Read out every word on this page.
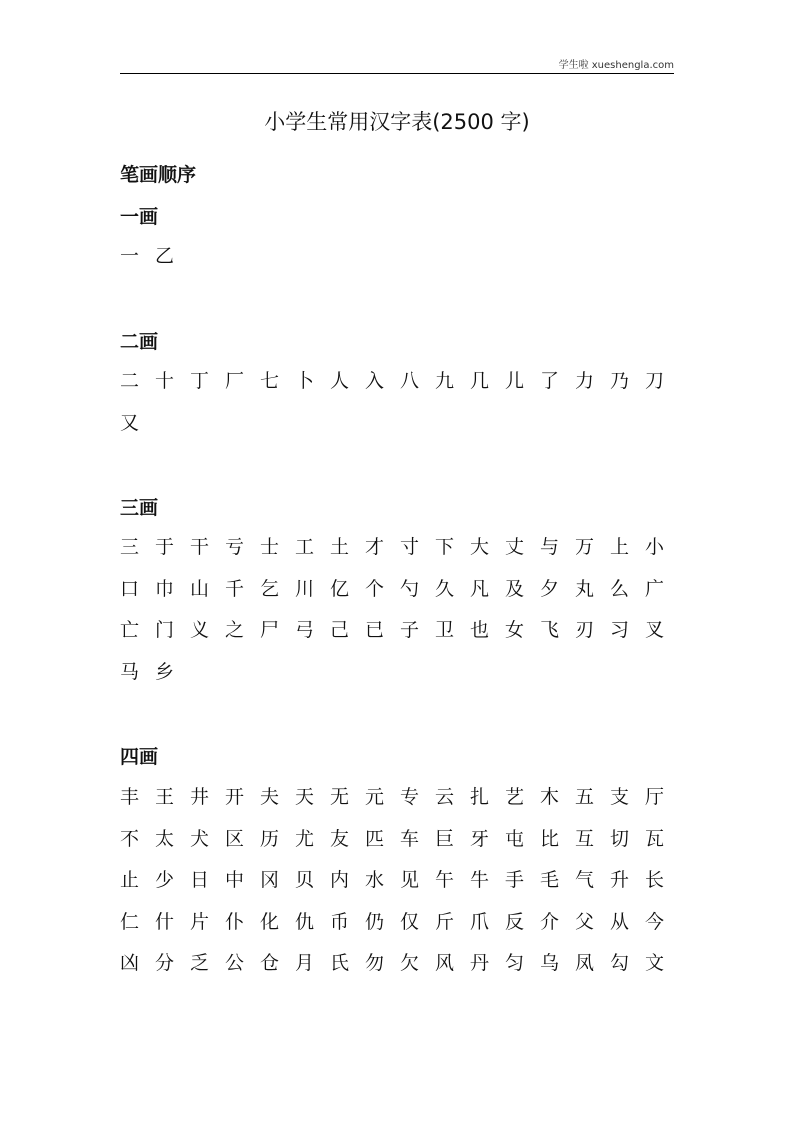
学生啦 xueshengla.com
小学生常用汉字表(2500 字)
笔画顺序
一画
一 乙
二画
二 十 丁 厂 七 卜 人 入 八 九 几 儿 了 力 乃 刀
又
三画
三 于 干 亏 士 工 土 才 寸 下 大 丈 与 万 上 小
口 巾 山 千 乞 川 亿 个 勺 久 凡 及 夕 丸 么 广
亡 门 义 之 尸 弓 己 已 子 卫 也 女 飞 刃 习 叉
马 乡
四画
丰 王 井 开 夫 天 无 元 专 云 扎 艺 木 五 支 厅
不 太 犬 区 历 尤 友 匹 车 巨 牙 屯 比 互 切 瓦
止 少 日 中 冈 贝 内 水 见 午 牛 手 毛 气 升 长
仁 什 片 仆 化 仇 币 仍 仅 斤 爪 反 介 父 从 今
凶 分 乏 公 仓 月 氏 勿 欠 风 丹 匀 乌 凤 勾 文
